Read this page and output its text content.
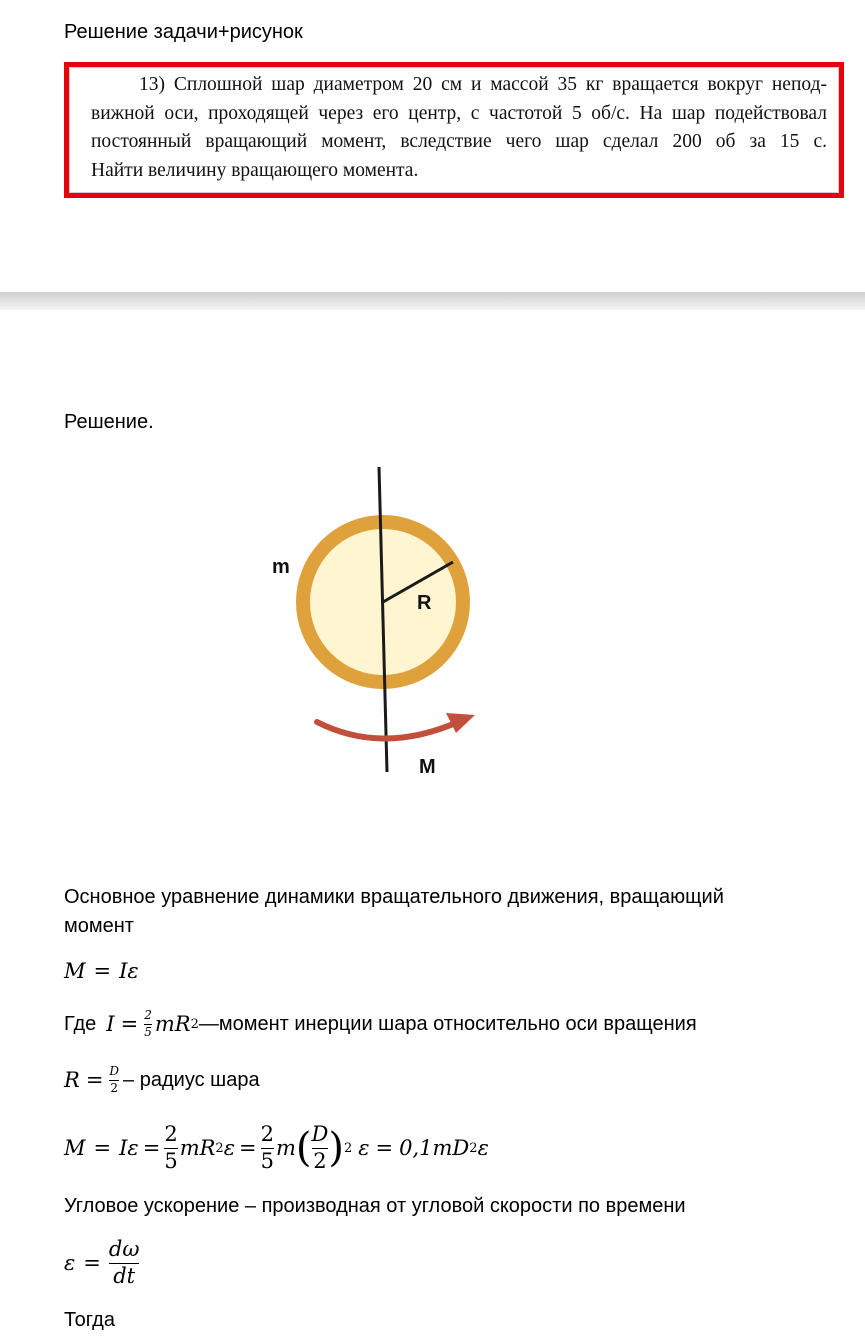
Решение задачи+рисунок
13) Сплошной шар диаметром 20 см и массой 35 кг вращается вокруг непод-
вижной оси, проходящей через его центр, с частотой 5 об/с. На шар подействовал
постоянный вращающий момент, вследствие чего шар сделал 200 об за 15 с.
Найти величину вращающего момента.
Решение.
m
R
M
Основное уравнение динамики вращательного движения, вращающий
момент
M = Iε
Где $I = \frac{2}{5}$ mR 2 —момент инерции шара относительно оси вращения
$R = \frac{D}{2}$ – радиус шара
$M = I\varepsilon = \frac{2}{5}$ mR 2 $\varepsilon = \frac{2}{5}$ m ( $\frac{D}{2}$ ) 2 ε = 0,1mD 2 ε
Угловое ускорение – производная от угловой скорости по времени
$\varepsilon = \frac{d\omega}{dt}$
Тогда
